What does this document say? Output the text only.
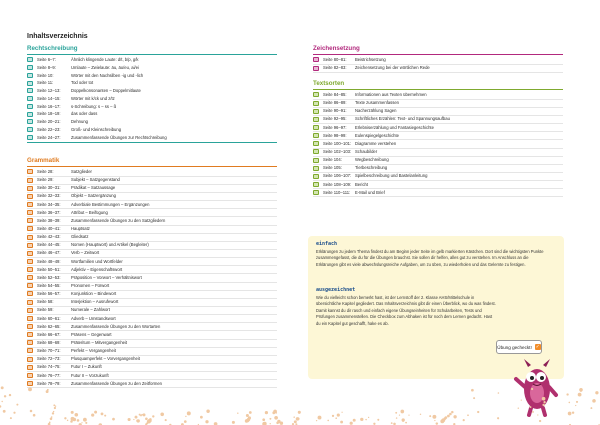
Inhaltsverzeichnis
Rechtschreibung
Seite 6–7:	Ähnlich klingende Laute: d/t, b/p, g/k
Seite 8–9:	Umlaute – Zwielaute: äu, äu/eu, ai/ei
Seite 10:	Wörter mit den Nachsilben -ig und -lich
Seite 11:	Tod oder tot
Seite 12–13:	Doppelkonsonanten – Doppelmitlaute
Seite 14–15:	Wörter mit k/ck und z/tz
Seite 16–17:	s-Schreibung: s – ss – ß
Seite 18–19:	das oder dass
Seite 20–21:	Dehnung
Seite 22–23:	Groß- und Kleinschreibung
Seite 24–27:	Zusammenfassende Übungen zur Rechtschreibung
Grammatik
Seite 28:	Satzglieder
Seite 29:	Subjekt – Satzgegenstand
Seite 30–31:	Prädikat – Satzaussage
Seite 32–33:	Objekt – Satzergänzung
Seite 34–35:	Adverbiale Bestimmungen – Ergänzungen
Seite 36–37:	Attribut – Beifügung
Seite 38–39:	Zusammenfassende Übungen zu den Satzgliedern
Seite 40–41:	Hauptsatz
Seite 42–43:	Gliedsatz
Seite 44–45:	Nomen (Hauptwort) und Artikel (Begleiter)
Seite 46–47:	Verb – Zeitwort
Seite 48–49:	Wortfamilien und Wortfelder
Seite 50–51:	Adjektiv – Eigenschaftswort
Seite 52–53:	Präposition – Vorwort – Verhältniswort
Seite 54–55:	Pronomen – Fürwort
Seite 56–57:	Konjunktion – Bindewort
Seite 58:	Interjektion – Ausrufewort
Seite 59:	Numerale – Zahlwort
Seite 60–61:	Adverb – Umstandswort
Seite 62–65:	Zusammenfassende Übungen zu den Wortarten
Seite 66–67:	Präsens – Gegenwart
Seite 68–69:	Präteritum – Mitvergangenheit
Seite 70–71:	Perfekt – Vergangenheit
Seite 72–73:	Plusquamperfekt – Vorvergangenheit
Seite 74–75:	Futur I – Zukunft
Seite 76–77:	Futur II – Vorzukunft
Seite 78–79:	Zusammenfassende Übungen zu den Zeitformen
Zeichensetzung
Seite 80–81:	Beistrichsetzung
Seite 82–83:	Zeichensetzung bei der wörtlichen Rede
Textsorten
Seite 84–85:	Informationen aus Texten übernehmen
Seite 86–89:	Texte zusammenfassen
Seite 90–91:	Nacherzählung Sagen
Seite 92–95:	Schriftliches Erzählen: Text- und Spannungsaufbau
Seite 96–97:	Erlebniserzählung und Fantasiegeschichte
Seite 98–99:	Eulenspiegelgeschichte
Seite 100–101: Diagramme verstehen
Seite 102–103: Schaubilder
Seite 104:	Wegbeschreibung
Seite 105:	Tierbeschreibung
Seite 106–107: Spielbeschreibung und Bastelanleitung
Seite 108–109: Bericht
Seite 110–111:	E-Mail und Brief
einfach
Erklärungen zu jedem Thema findest du am Beginn jeder Seite im gelb markierten Kästchen. Dort sind die wichtigsten Punkte zusammengefasst, die du für die Übungen brauchst. Sie sollen dir helfen, alles gut zu verstehen. Im Anschluss an die Erklärungen gibt es viele abwechslungsreiche Aufgaben, um zu üben, zu wiederholen und das Gelernte zu festigen.
ausgezeichnet
Wie du vielleicht schon bemerkt hast, ist der Lernstoff der 2. Klasse AHS/Mittelschule in übersichtliche Kapitel gegliedert. Das Inhaltsverzeichnis gibt dir einen Überblick, wo du was findest. Damit kannst du dir rasch und einfach eigene Übungseinheiten für Schularbeiten, Tests und Prüfungen zusammenstellen. Die Checkbox zum Abhaken ist für noch dem Lernen gedacht. Hast du ein Kapitel gut geschafft, hake es ab.
Übung gecheckt! ✓
